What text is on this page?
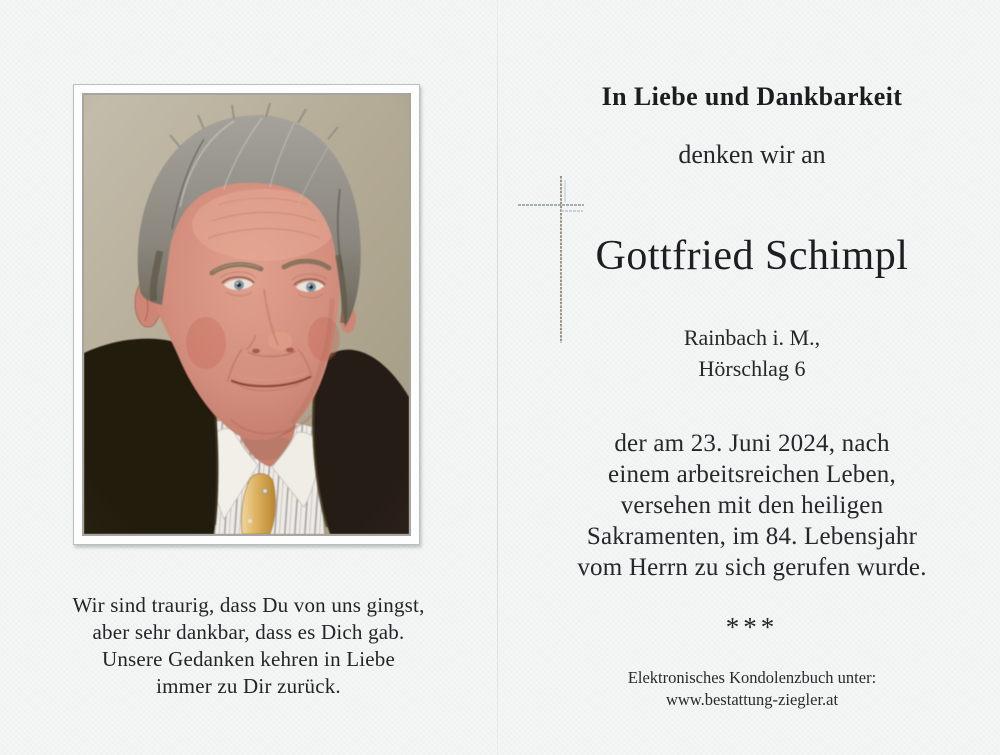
Wir sind traurig, dass Du von uns gingst,
aber sehr dankbar, dass es Dich gab.
Unsere Gedanken kehren in Liebe
immer zu Dir zurück.
In Liebe und Dankbarkeit
denken wir an
Gottfried Schimpl
Rainbach i. M.,
Hörschlag 6
der am 23. Juni 2024, nach
einem arbeitsreichen Leben,
versehen mit den heiligen
Sakramenten, im 84. Lebensjahr
vom Herrn zu sich gerufen wurde.
***
Elektronisches Kondolenzbuch unter:
www.bestattung-ziegler.at
